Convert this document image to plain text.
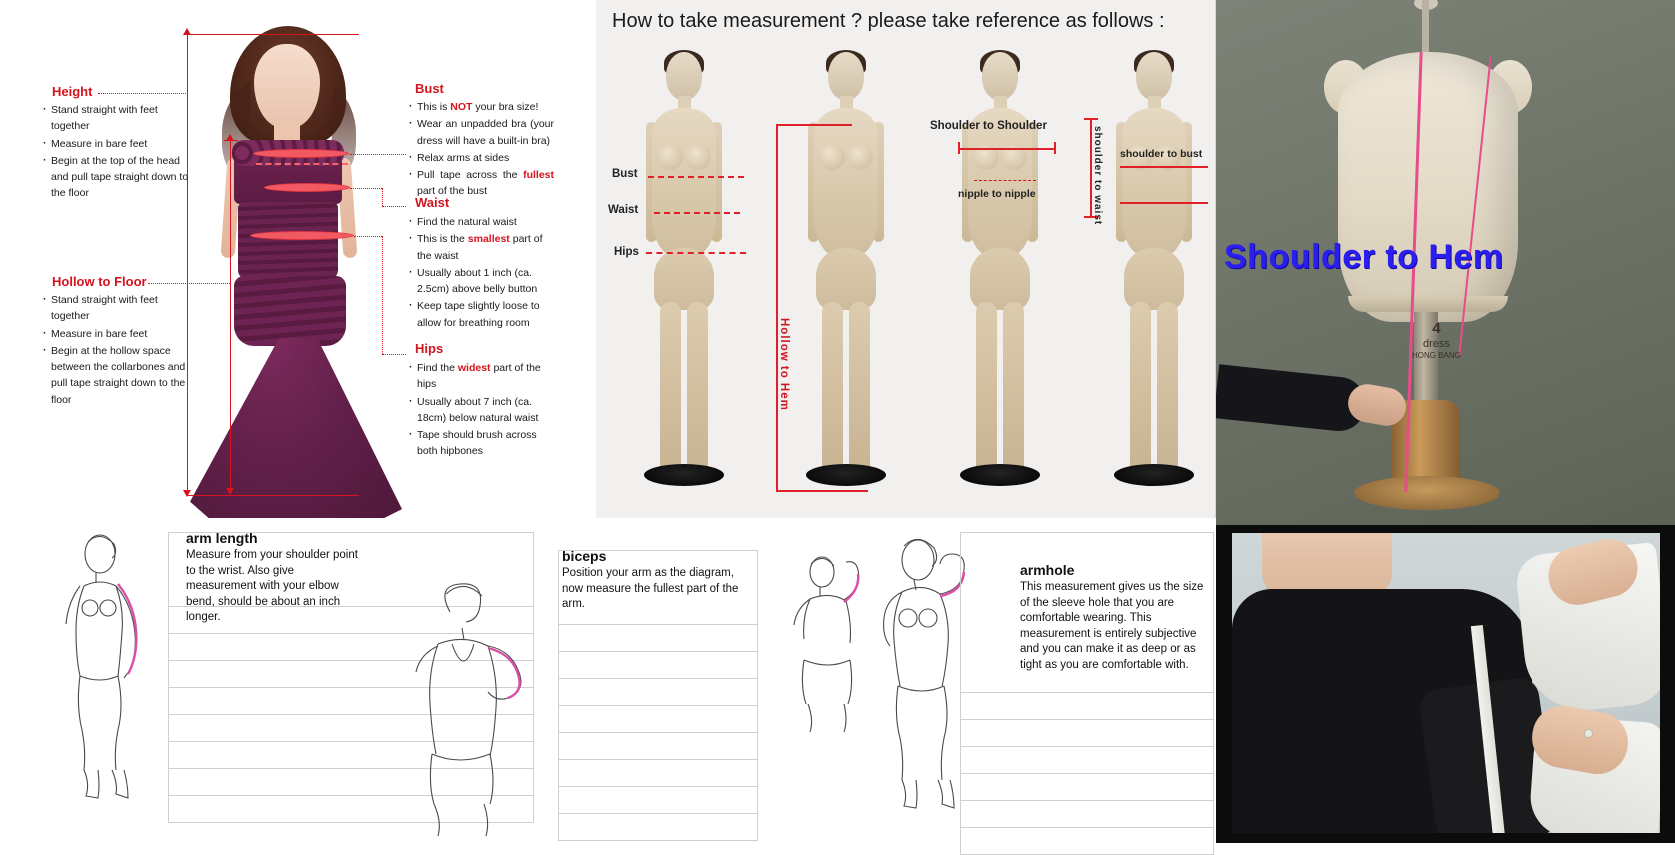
Height
· Stand straight with feet together
· Measure in bare feet
· Begin at the top of the head and pull tape straight down to the floor
Hollow to Floor
· Stand straight with feet together
· Measure in bare feet
· Begin at the hollow space between the collarbones and pull tape straight down to the floor
Bust
· This is NOT your bra size!
· Wear an unpadded bra (your dress will have a built-in bra)
· Relax arms at sides
· Pull tape across the fullest part of the bust
Waist
· Find the natural waist
· This is the smallest part of the waist
· Usually about 1 inch (ca. 2.5cm) above belly button
· Keep tape slightly loose to allow for breathing room
Hips
· Find the widest part of the hips
· Usually about 7 inch (ca. 18cm) below natural waist
· Tape should brush across both hipbones
How to take measurement ? please take reference as follows :
Bust
Waist
Hips
Hollow to Hem
Shoulder to Shoulder
nipple to nipple	shoulder to waist shoulder to bust
4
dress
HONG BANG
Shoulder to Hem
arm length
Measure from your shoulder point to the wrist. Also give measurement with your elbow bend, should be about an inch longer.
biceps
Position your arm as the diagram, now measure the fullest part of the arm.
armhole
This measurement gives us the size of the sleeve hole that you are comfortable wearing. This measurement is entirely subjective and you can make it as deep or as tight as you are comfortable with.
